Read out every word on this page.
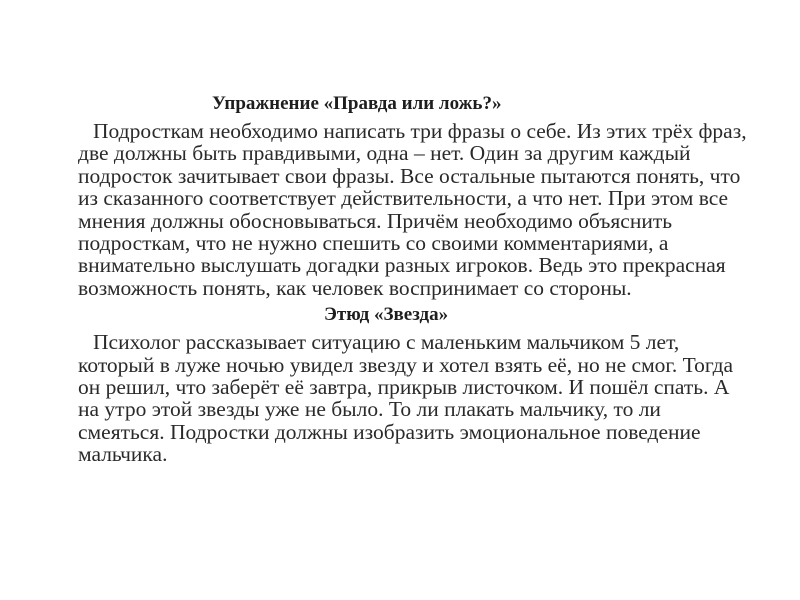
Упражнение «Правда или ложь?»

Подросткам необходимо написать три фразы о себе. Из этих трёх фраз, две должны быть правдивыми, одна – нет. Один за другим каждый подросток зачитывает свои фразы. Все остальные пытаются понять, что из сказанного соответствует действительности, а что нет. При этом все мнения должны обосновываться. Причём необходимо объяснить подросткам, что не нужно спешить со своими комментариями, а внимательно выслушать догадки разных игроков. Ведь это прекрасная возможность понять, как человек воспринимает со стороны.

Этюд «Звезда»

Психолог рассказывает ситуацию с маленьким мальчиком 5 лет, который в луже ночью увидел звезду и хотел взять её, но не смог. Тогда он решил, что заберёт её завтра, прикрыв листочком. И пошёл спать. А на утро этой звезды уже не было. То ли плакать мальчику, то ли смеяться. Подростки должны изобразить эмоциональное поведение мальчика.
